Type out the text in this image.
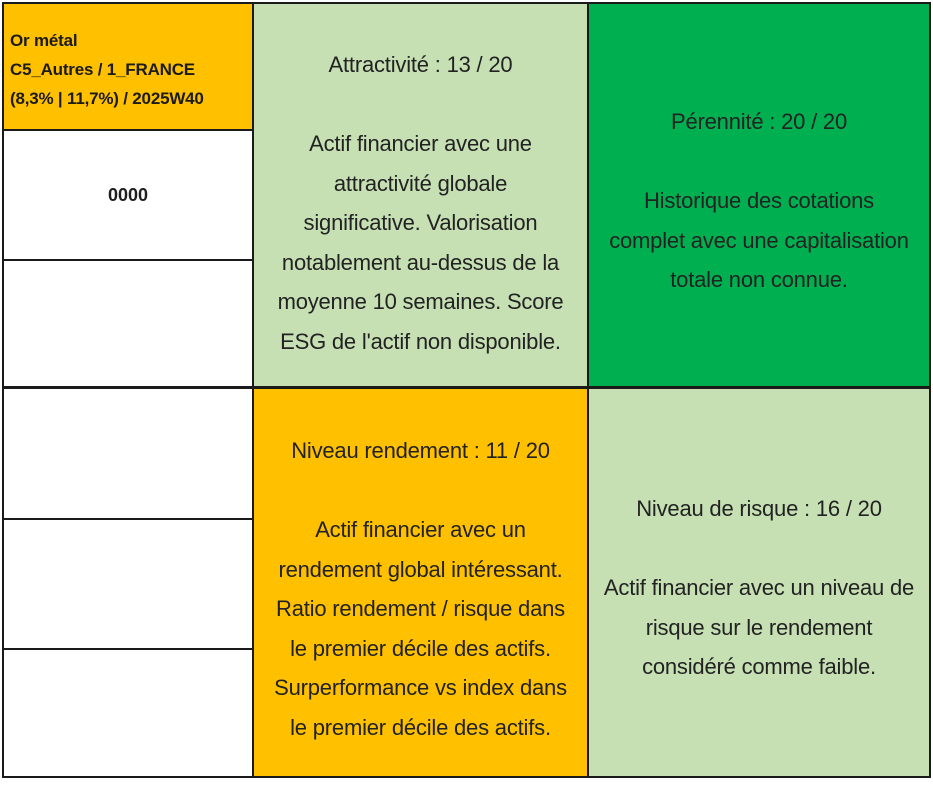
Or métal
C5_Autres / 1_FRANCE
(8,3% | 11,7%) / 2025W40
0000
Attractivité : 13 / 20
Actif financier avec une
attractivité globale
significative. Valorisation
notablement au-dessus de la
moyenne 10 semaines. Score
ESG de l'actif non disponible.
Pérennité : 20 / 20
Historique des cotations
complet avec une capitalisation
totale non connue.
Niveau rendement : 11 / 20
Actif financier avec un
rendement global intéressant.
Ratio rendement / risque dans
le premier décile des actifs.
Surperformance vs index dans
le premier décile des actifs.
Niveau de risque : 16 / 20
Actif financier avec un niveau de
risque sur le rendement
considéré comme faible.
